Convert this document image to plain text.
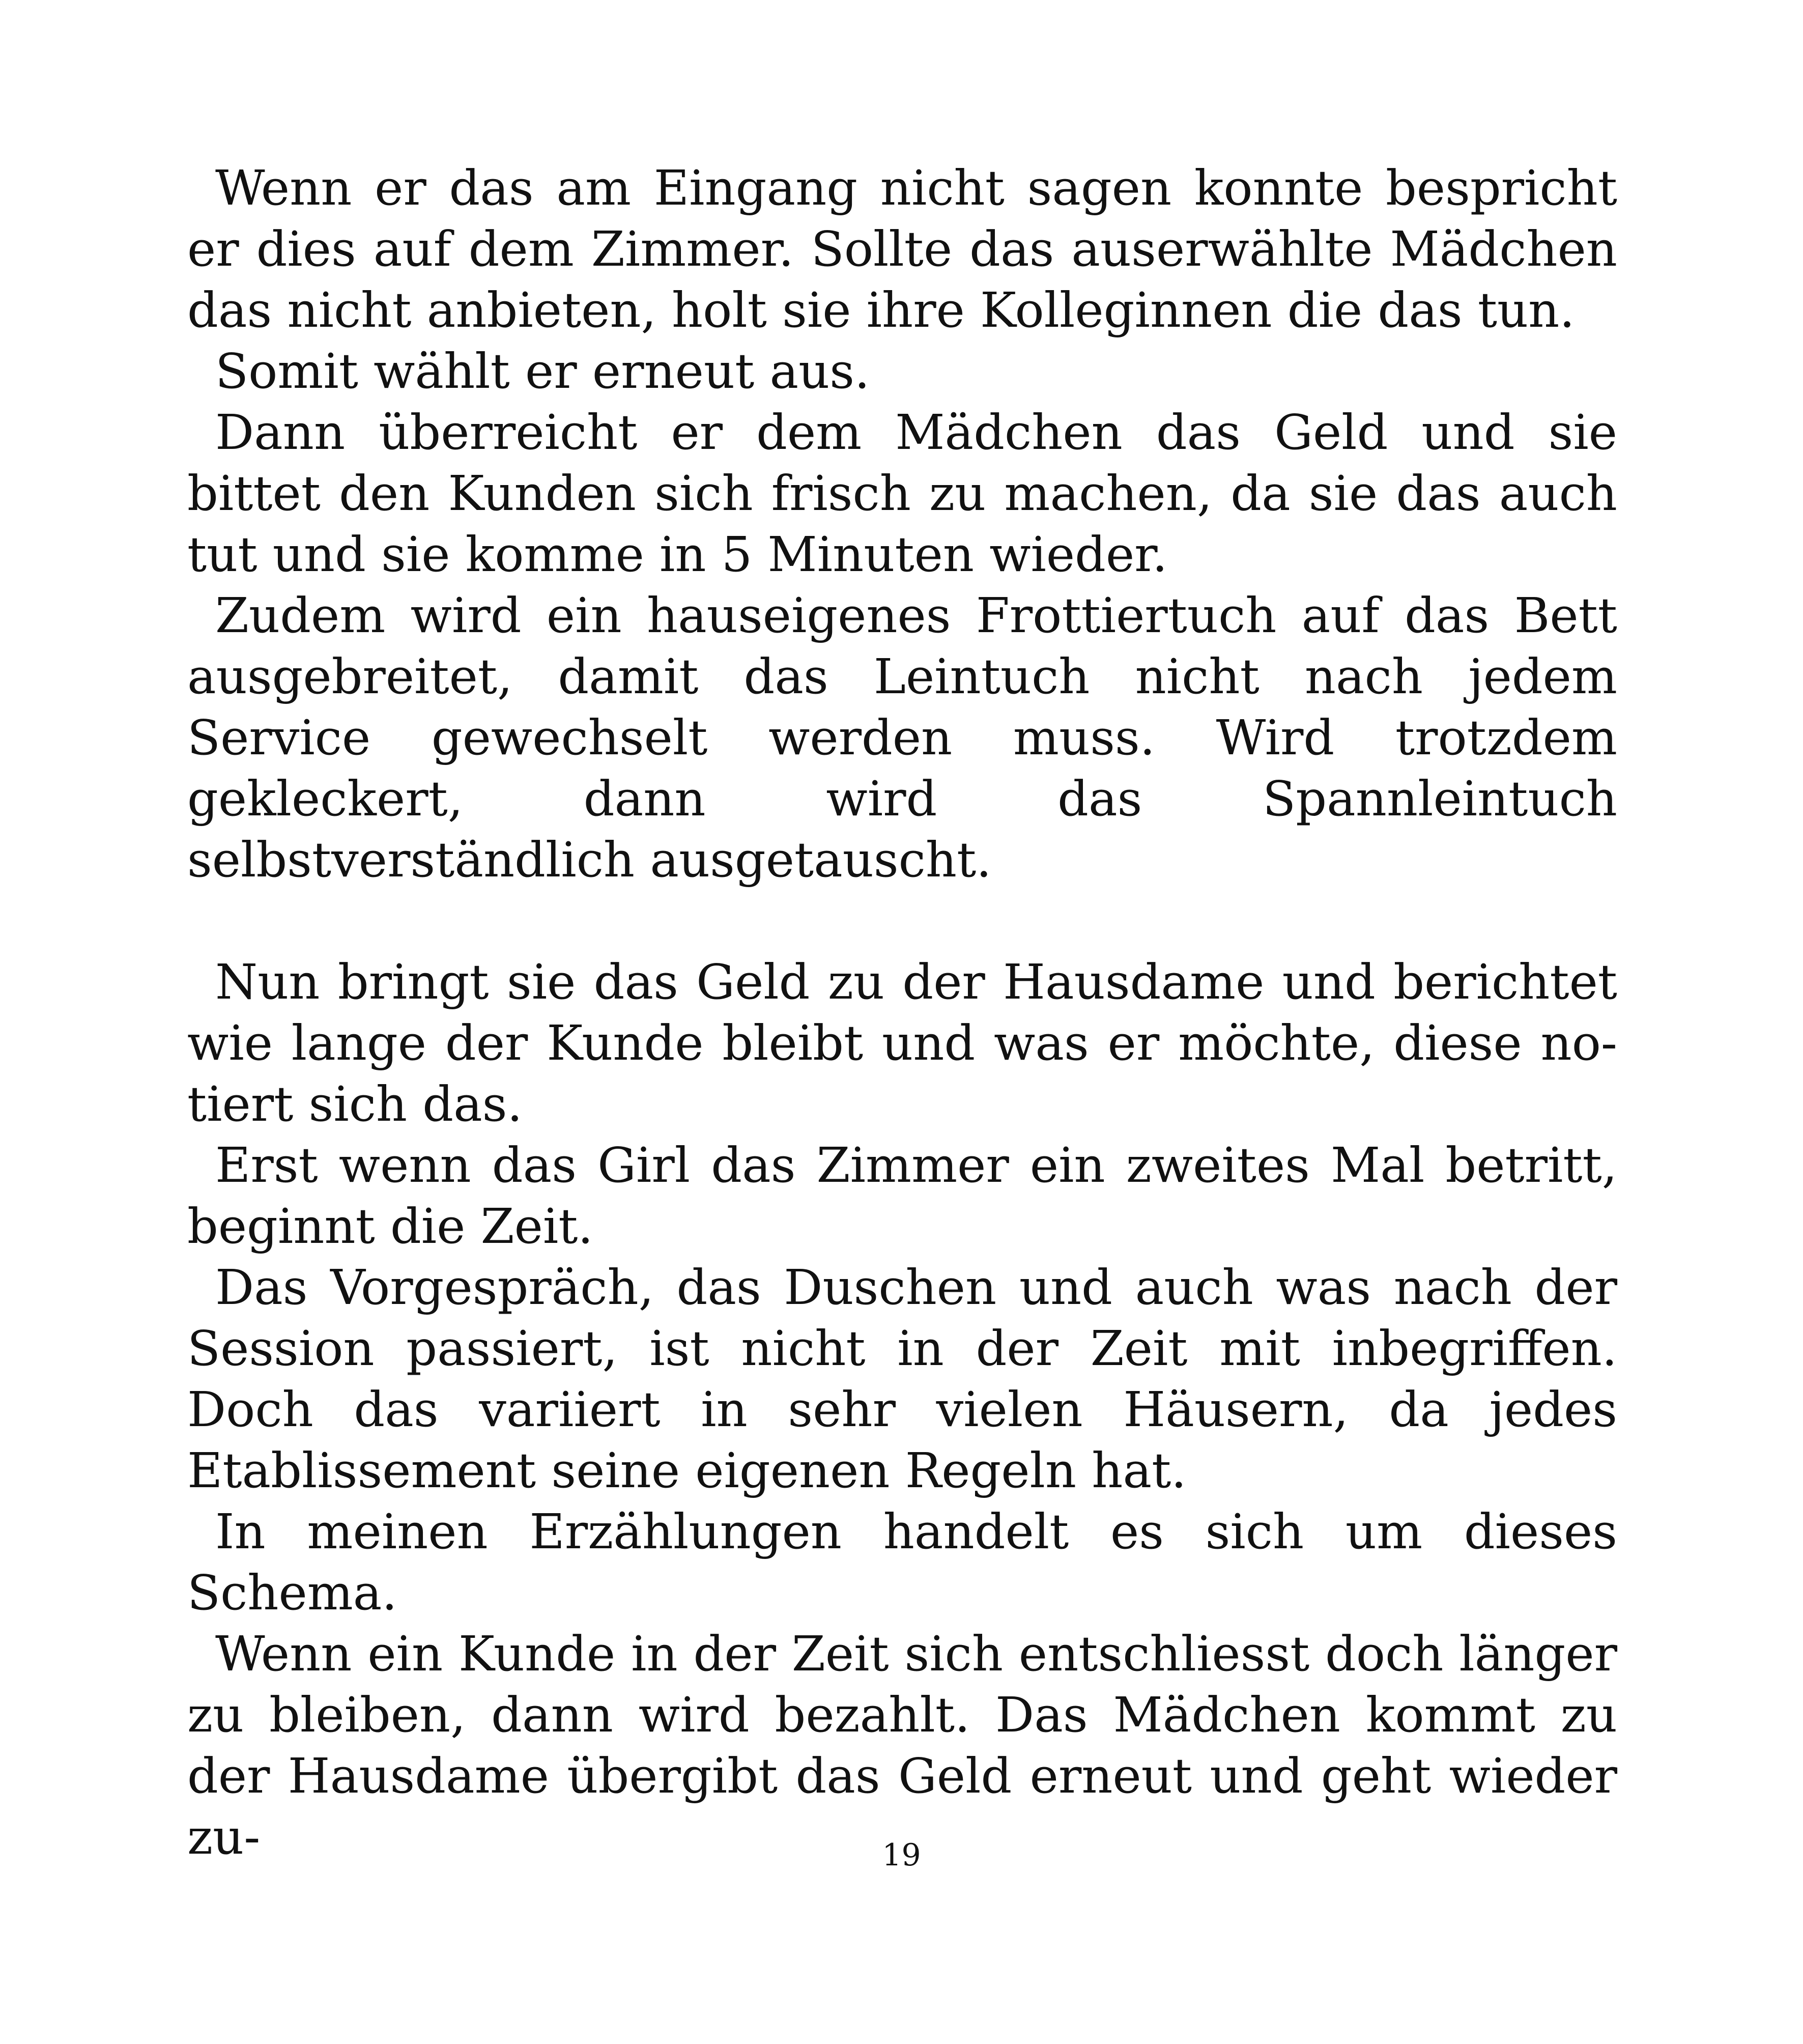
Wenn er das am Eingang nicht sagen konnte bespricht er dies auf dem Zimmer. Sollte das auserwählte Mädchen das nicht anbieten, holt sie ihre Kolleginnen die das tun.

Somit wählt er erneut aus.

Dann überreicht er dem Mädchen das Geld und sie bittet den Kunden sich frisch zu machen, da sie das auch tut und sie komme in 5 Minuten wieder.

Zudem wird ein hauseigenes Frottiertuch auf das Bett ausgebreitet, damit das Leintuch nicht nach jedem Service gewechselt werden muss. Wird trotzdem gekleckert, dann wird das Spannleintuch selbstverständlich ausgetauscht.

Nun bringt sie das Geld zu der Hausdame und berichtet wie lange der Kunde bleibt und was er möchte, diese no-tiert sich das.

Erst wenn das Girl das Zimmer ein zweites Mal betritt, beginnt die Zeit.

Das Vorgespräch, das Duschen und auch was nach der Session passiert, ist nicht in der Zeit mit inbegriffen. Doch das variiert in sehr vielen Häusern, da jedes Etablissement seine eigenen Regeln hat.

In meinen Erzählungen handelt es sich um dieses Schema.

Wenn ein Kunde in der Zeit sich entschliesst doch länger zu bleiben, dann wird bezahlt. Das Mädchen kommt zu der Hausdame übergibt das Geld erneut und geht wieder zu-	19
